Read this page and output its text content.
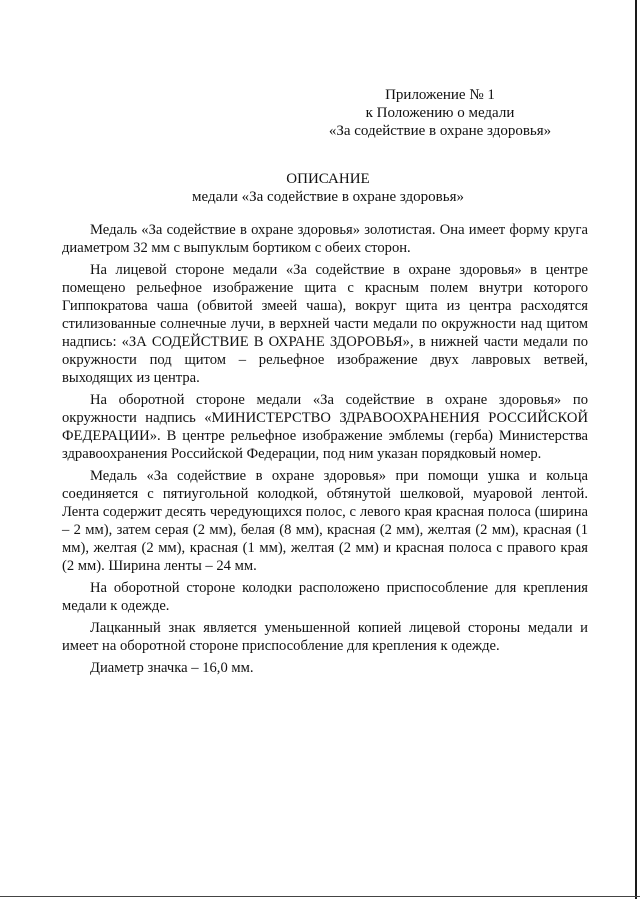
Приложение № 1
к Положению о медали
«За содействие в охране здоровья»
ОПИСАНИЕ
медали «За содействие в охране здоровья»

Медаль «За содействие в охране здоровья» золотистая. Она имеет форму круга диаметром 32 мм с выпуклым бортиком с обеих сторон.

На лицевой стороне медали «За содействие в охране здоровья» в центре помещено рельефное изображение щита с красным полем внутри которого Гиппократова чаша (обвитой змеей чаша), вокруг щита из центра расходятся стилизованные солнечные лучи, в верхней части медали по окружности над щитом надпись: «ЗА СОДЕЙСТВИЕ В ОХРАНЕ ЗДОРОВЬЯ», в нижней части медали по окружности под щитом – рельефное изображение двух лавровых ветвей, выходящих из центра.

На оборотной стороне медали «За содействие в охране здоровья» по окружности надпись «МИНИСТЕРСТВО ЗДРАВООХРАНЕНИЯ РОССИЙСКОЙ ФЕДЕРАЦИИ». В центре рельефное изображение эмблемы (герба) Министерства здравоохранения Российской Федерации, под ним указан порядковый номер.

Медаль «За содействие в охране здоровья» при помощи ушка и кольца соединяется с пятиугольной колодкой, обтянутой шелковой, муаровой лентой. Лента содержит десять чередующихся полос, с левого края красная полоса (ширина – 2 мм), затем серая (2 мм), белая (8 мм), красная (2 мм), желтая (2 мм), красная (1 мм), желтая (2 мм), красная (1 мм), желтая (2 мм) и красная полоса с правого края (2 мм). Ширина ленты – 24 мм.

На оборотной стороне колодки расположено приспособление для крепления медали к одежде.

Лацканный знак является уменьшенной копией лицевой стороны медали и имеет на оборотной стороне приспособление для крепления к одежде.

Диаметр значка – 16,0 мм.
